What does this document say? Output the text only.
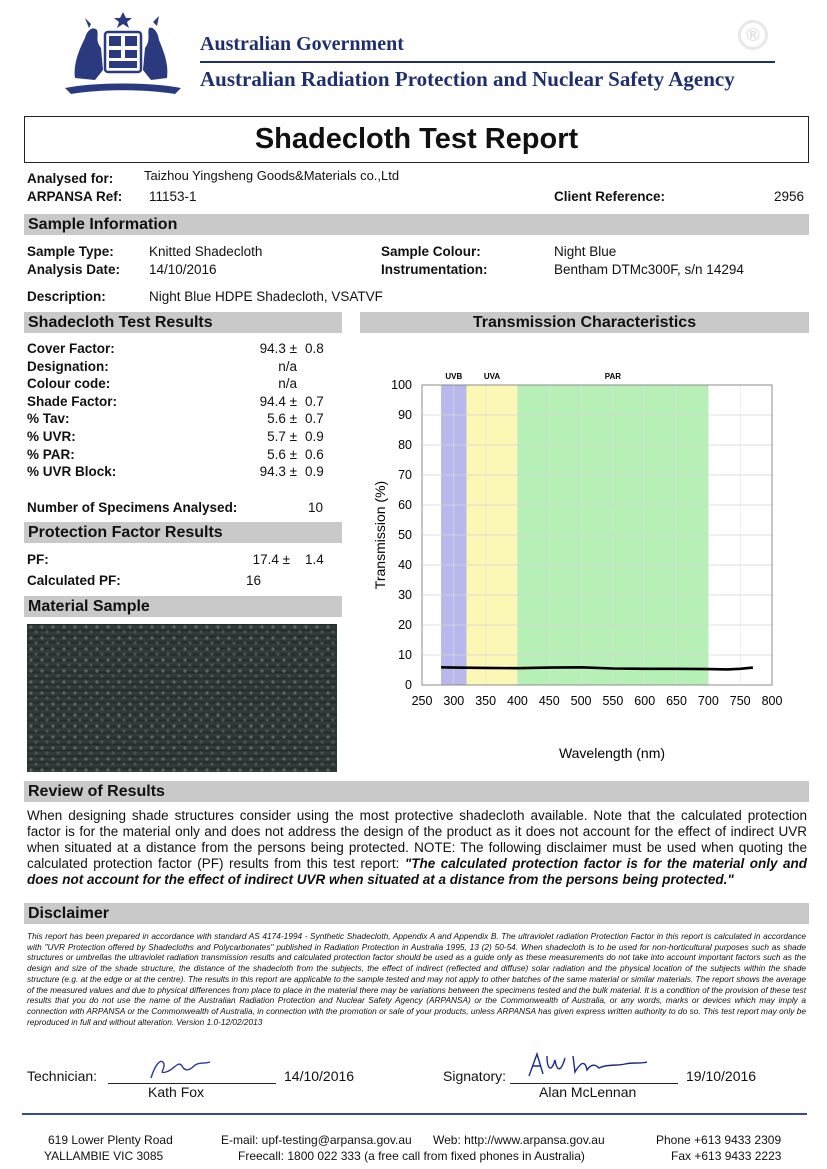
Australian Government
Australian Radiation Protection and Nuclear Safety Agency
®
Shadecloth Test Report
Analysed for: Taizhou Yingsheng Goods&Materials co.,Ltd
ARPANSA Ref: 11153-1	Client Reference:	2956
Sample Information
Sample Type:	Knitted Shadecloth
Analysis Date: 14/10/2016
Sample Colour:	Night Blue
Instrumentation:	Bentham DTMc300F, s/n 14294
Description:	Night Blue HDPE Shadecloth, VSATVF
Shadecloth Test Results	Transmission Characteristics
Cover Factor:	94.3 ± 0.8
Designation:	n/a
Colour code:	n/a
Shade Factor:	94.4 ± 0.7
% Tav:	5.6 ± 0.7
% UVR:	5.7 ± 0.9
% PAR:	5.6 ± 0.6
% UVR Block:	94.3 ± 0.9
Number of Specimens Analysed:	10
Protection Factor Results
PF:	17.4 ± 1.4
Calculated PF:	16
Material Sample
UVB	UVA	PAR
0
10
20
30
40
50
60
70
80
90
100
250 300 350 400 450 500 550 600 650 700 750 800
Transmission (%)
Wavelength (nm)
Review of Results
When designing shade structures consider using the most protective shadecloth available. Note that the calculated protection factor is for the material only and does not address the design of the product as it does not account for the effect of indirect UVR when situated at a distance from the persons being protected. NOTE: The following disclaimer must be used when quoting the calculated protection factor (PF) results from this test report: "The calculated protection factor is for the material only and does not account for the effect of indirect UVR when situated at a distance from the persons being protected."
Disclaimer
This report has been prepared in accordance with standard AS 4174-1994 - Synthetic Shadecloth, Appendix A and Appendix B. The ultraviolet radiation Protection Factor in this report is calculated in accordance with "UVR Protection offered by Shadecloths and Polycarbonates" published in Radiation Protection in Australia 1995, 13 (2) 50-54. When shadecloth is to be used for non-horticultural purposes such as shade structures or umbrellas the ultraviolet radiation transmission results and calculated protection factor should be used as a guide only as these measurements do not take into account important factors such as the design and size of the shade structure, the distance of the shadecloth from the subjects, the effect of indirect (reflected and diffuse) solar radiation and the physical location of the subjects within the shade structure (e.g. at the edge or at the centre). The results in this report are applicable to the sample tested and may not apply to other batches of the same material or similar materials. The report shows the average of the measured values and due to physical differences from place to place in the material there may be variations between the specimens tested and the bulk material. It is a condition of the provision of these test results that you do not use the name of the Australian Radiation Protection and Nuclear Safety Agency (ARPANSA) or the Commonwealth of Australia, or any words, marks or devices which may imply a connection with ARPANSA or the Commonwealth of Australia, in connection with the promotion or sale of your products, unless ARPANSA has given express written authority to do so. This test report may only be reproduced in full and without alteration. Version 1.0-12/02/2013
Technician:
Kath Fox
14/10/2016	Signatory:
Alan McLennan
19/10/2016
619 Lower Plenty Road
YALLAMBIE VIC 3085
E-mail: upf-testing@arpansa.gov.au Web: http://www.arpansa.gov.au
Freecall: 1800 022 333 (a free call from fixed phones in Australia)
Phone +613 9433 2309
Fax +613 9433 2223
